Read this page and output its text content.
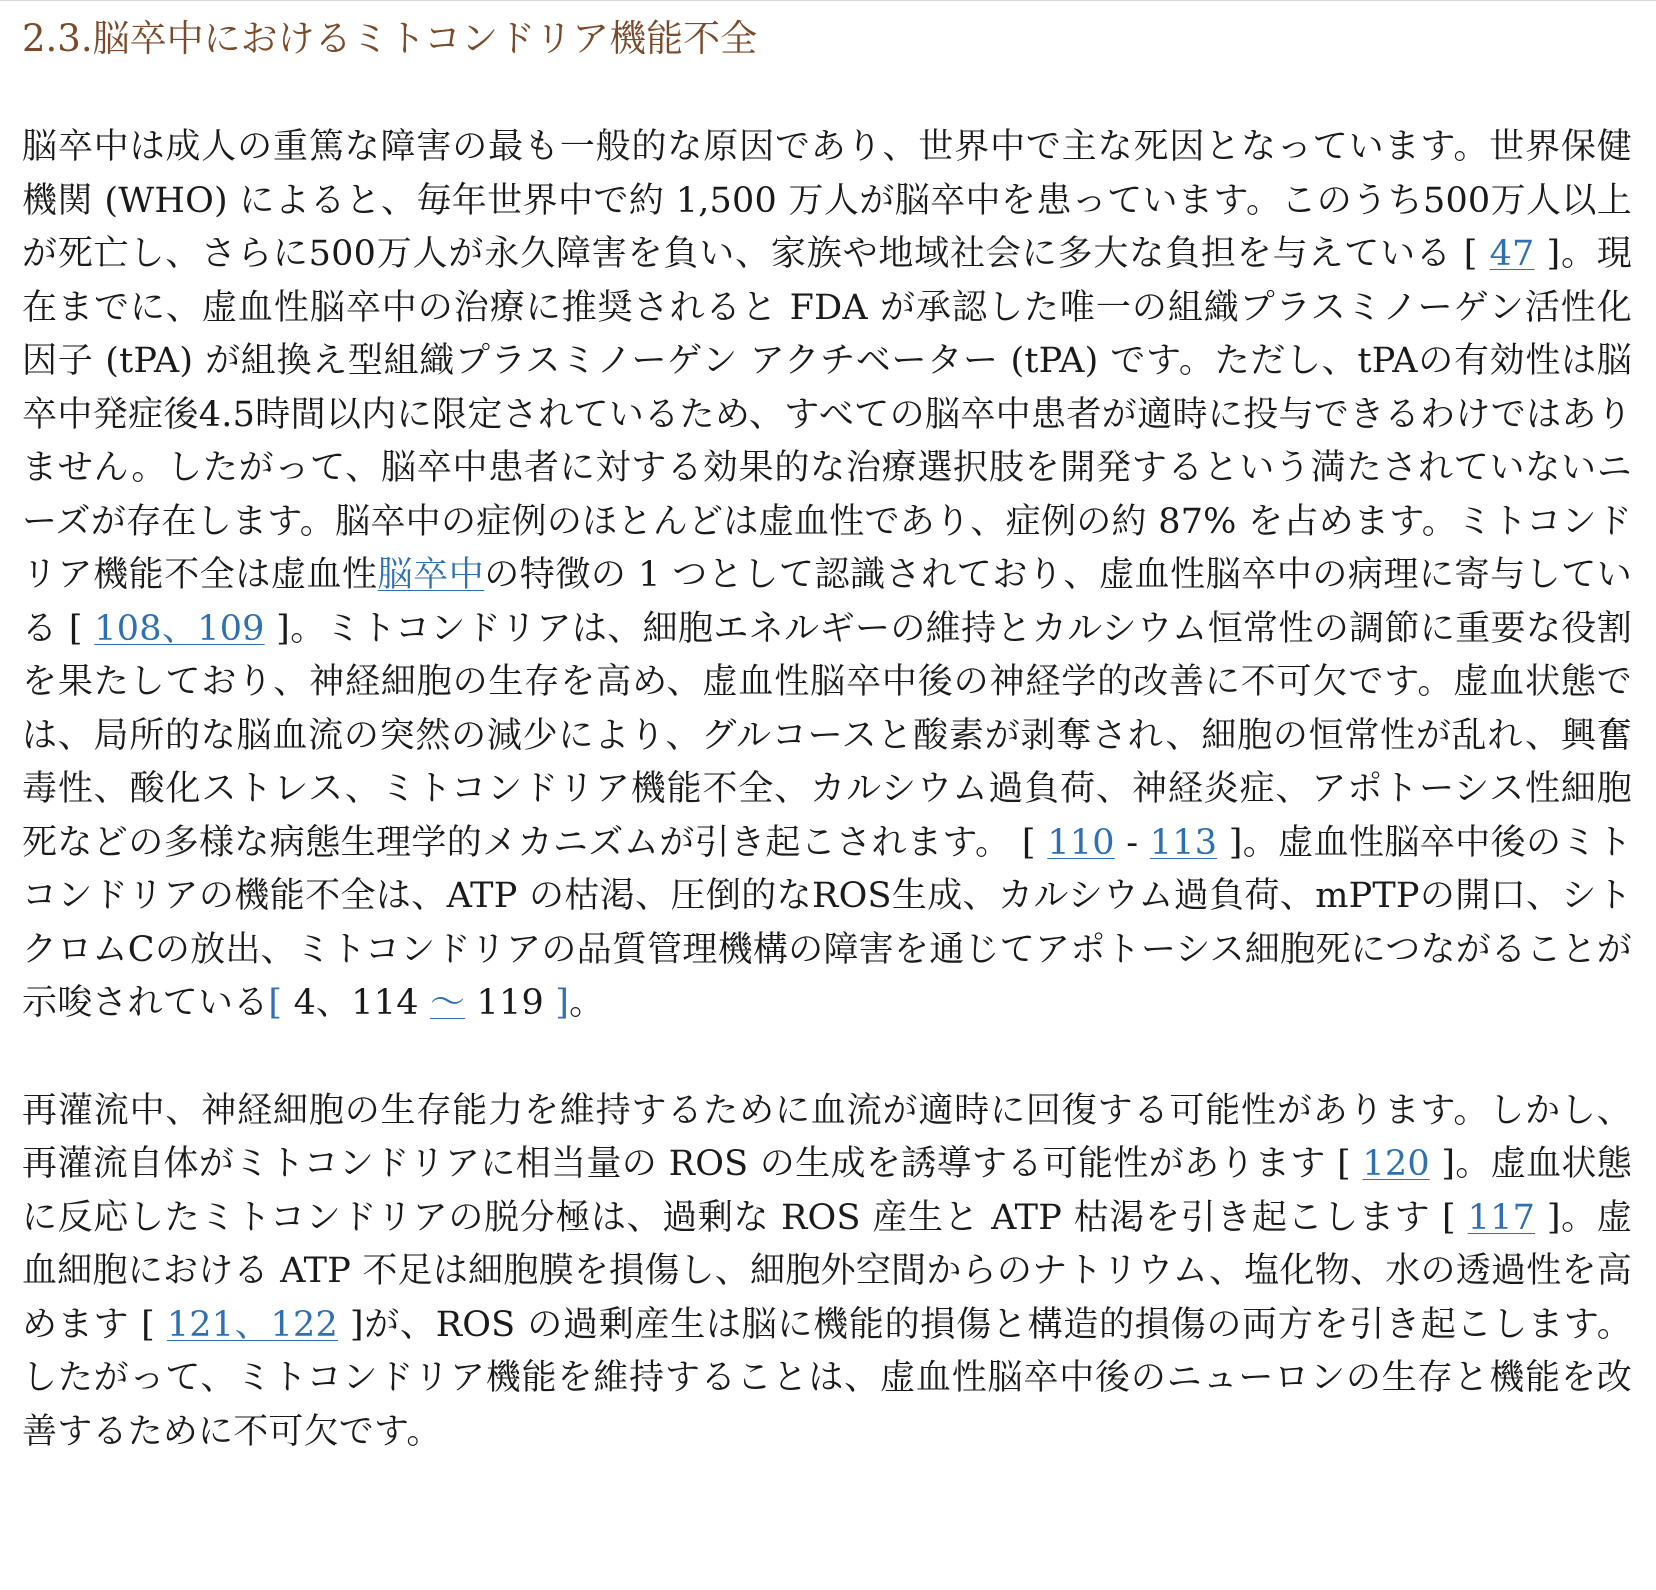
2.3.脳卒中におけるミトコンドリア機能不全

脳卒中は成人の重篤な障害の最も一般的な原因であり、世界中で主な死因となっています。世界保健機関 (WHO) によると、毎年世界中で約 1,500 万人が脳卒中を患っています。このうち500万人以上が死亡し、さらに500万人が永久障害を負い、家族や地域社会に多大な負担を与えている [ 47 ]。現在までに、虚血性脳卒中の治療に推奨されると FDA が承認した唯一の組織プラスミノーゲン活性化因子 (tPA) が組換え型組織プラスミノーゲン アクチベーター (tPA) です。ただし、tPAの有効性は脳卒中発症後4.5時間以内に限定されているため、すべての脳卒中患者が適時に投与できるわけではありません。したがって、脳卒中患者に対する効果的な治療選択肢を開発するという満たされていないニーズが存在します。脳卒中の症例のほとんどは虚血性であり、症例の約 87% を占めます。ミトコンドリア機能不全は虚血性脳卒中の特徴の 1 つとして認識されており、虚血性脳卒中の病理に寄与している [ 108、109 ]。ミトコンドリアは、細胞エネルギーの維持とカルシウム恒常性の調節に重要な役割を果たしており、神経細胞の生存を高め、虚血性脳卒中後の神経学的改善に不可欠です。虚血状態では、局所的な脳血流の突然の減少により、グルコースと酸素が剥奪され、細胞の恒常性が乱れ、興奮毒性、酸化ストレス、ミトコンドリア機能不全、カルシウム過負荷、神経炎症、アポトーシス性細胞死などの多様な病態生理学的メカニズムが引き起こされます。 [ 110 - 113 ]。虚血性脳卒中後のミトコンドリアの機能不全は、ATP の枯渇、圧倒的なROS生成、カルシウム過負荷、mPTPの開口、シトクロムCの放出、ミトコンドリアの品質管理機構の障害を通じてアポトーシス細胞死につながることが示唆されている[ 4、114 〜 119 ]。

再灌流中、神経細胞の生存能力を維持するために血流が適時に回復する可能性があります。しかし、再灌流自体がミトコンドリアに相当量の ROS の生成を誘導する可能性があります [ 120 ]。虚血状態に反応したミトコンドリアの脱分極は、過剰な ROS 産生と ATP 枯渇を引き起こします [ 117 ]。虚血細胞における ATP 不足は細胞膜を損傷し、細胞外空間からのナトリウム、塩化物、水の透過性を高めます [ 121、122 ]が、ROS の過剰産生は脳に機能的損傷と構造的損傷の両方を引き起こします。したがって、ミトコンドリア機能を維持することは、虚血性脳卒中後のニューロンの生存と機能を改善するために不可欠です。
